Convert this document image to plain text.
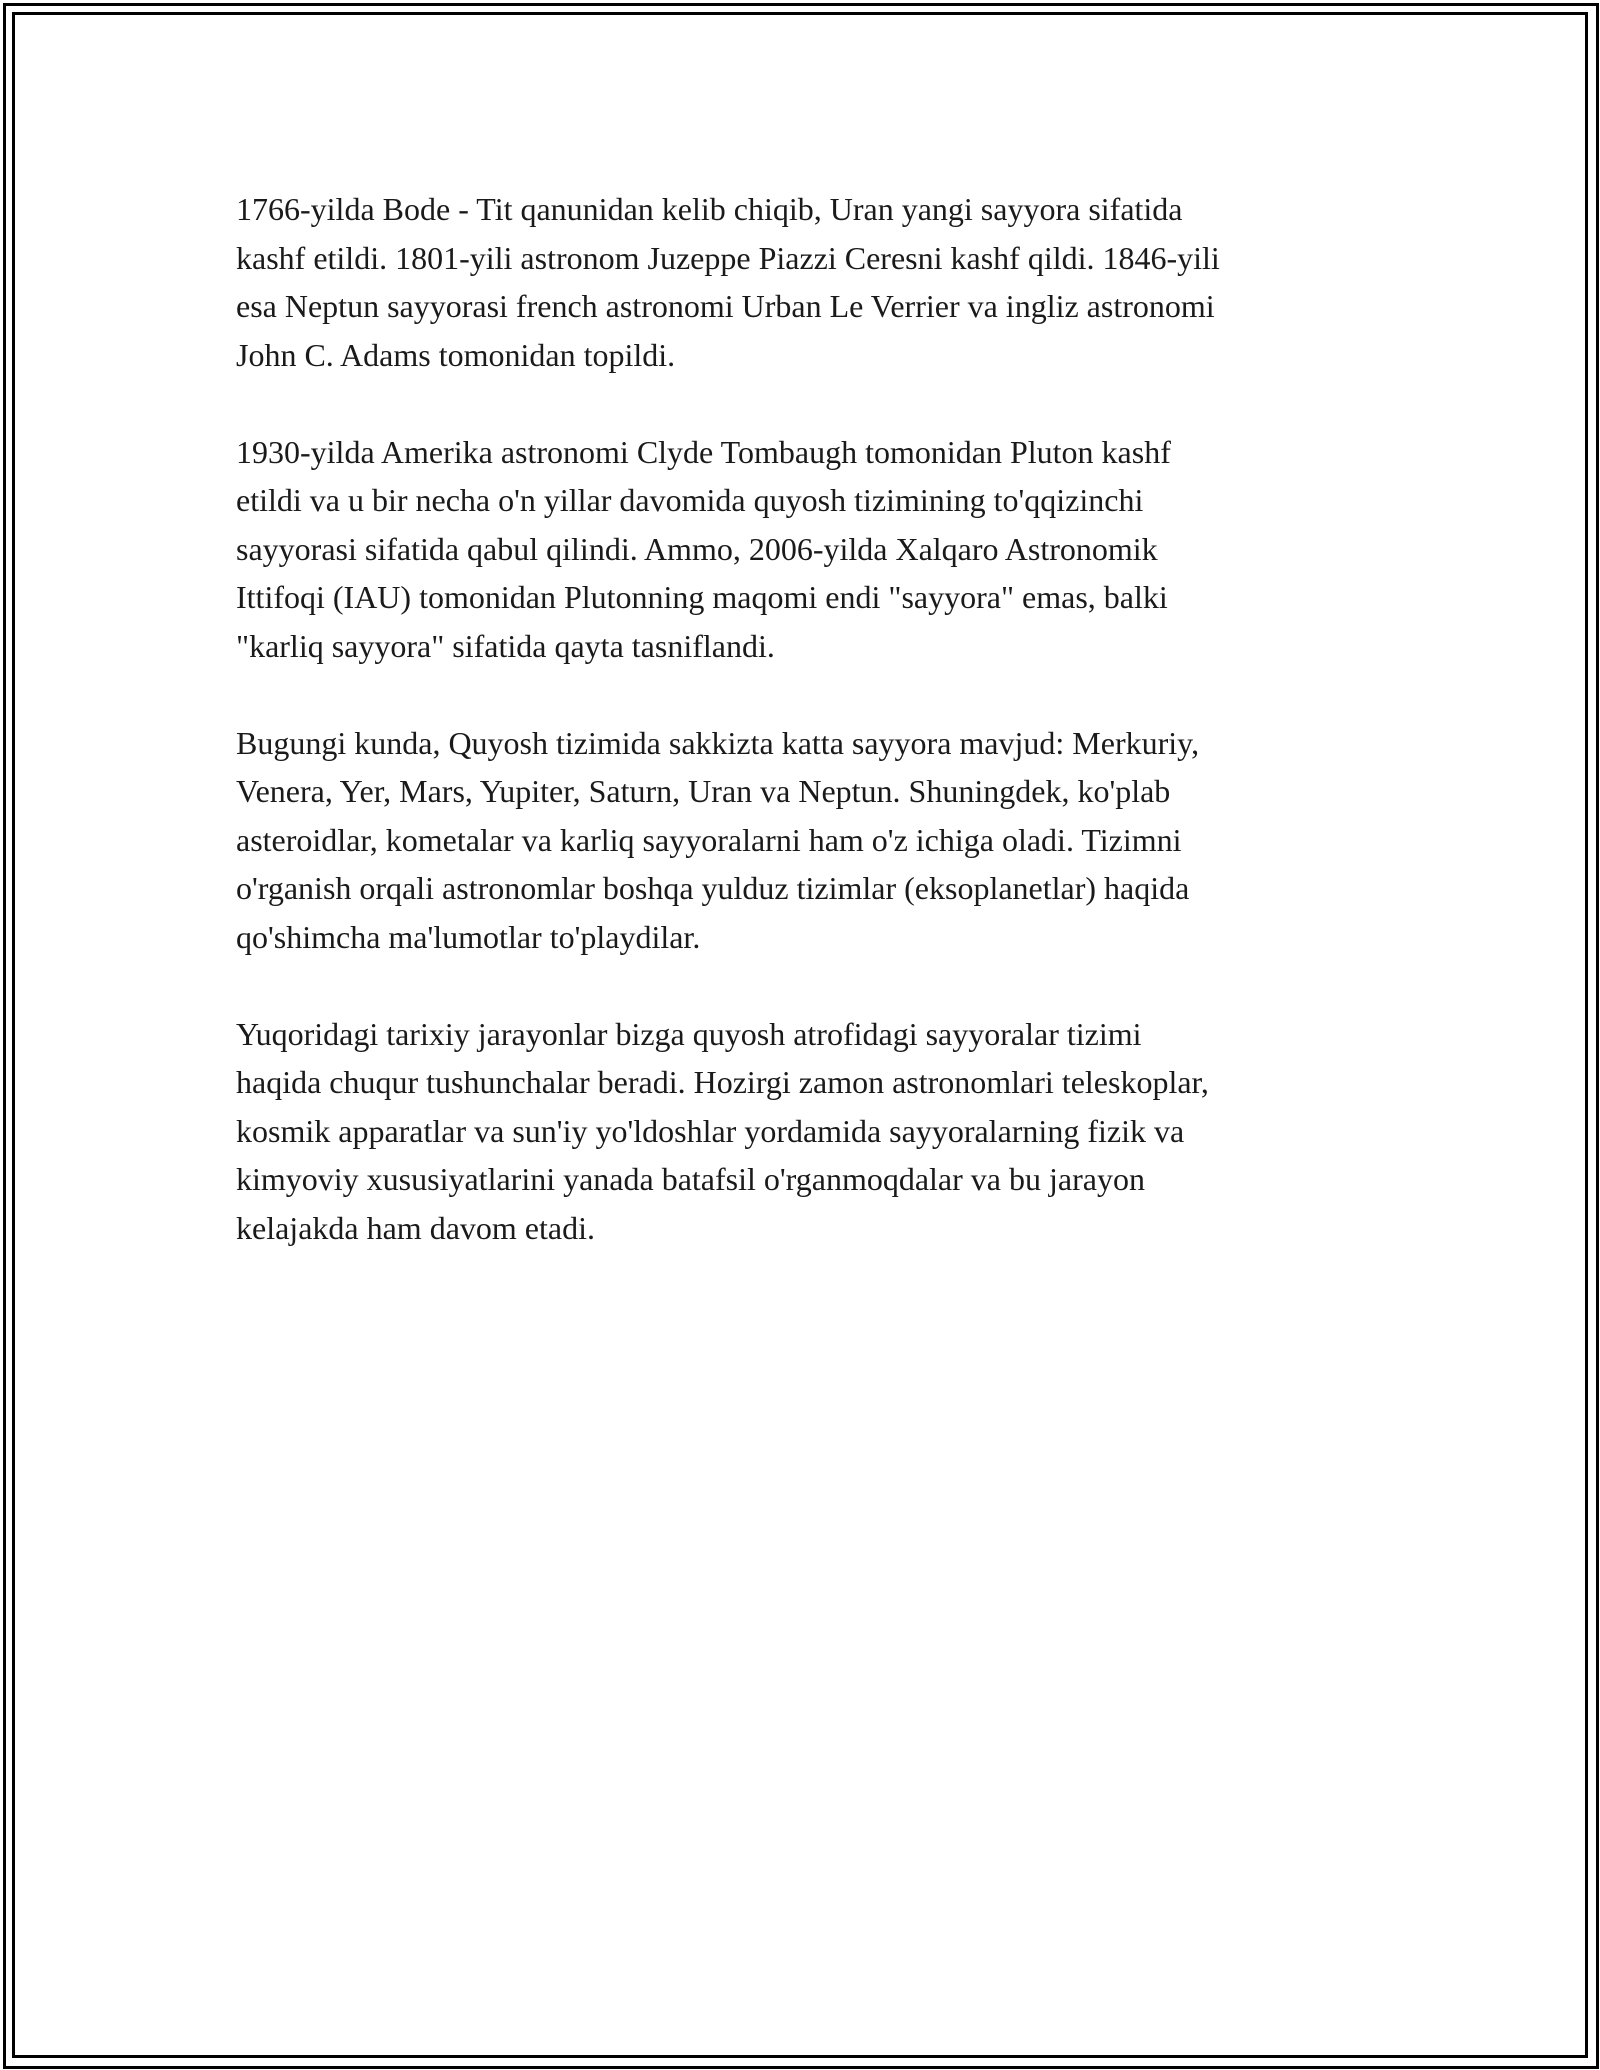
1766-yilda Bode - Tit qanunidan kelib chiqib, Uran yangi sayyora sifatida
kashf etildi. 1801-yili astronom Juzeppe Piazzi Ceresni kashf qildi. 1846-yili
esa Neptun sayyorasi french astronomi Urban Le Verrier va ingliz astronomi
John C. Adams tomonidan topildi.

1930-yilda Amerika astronomi Clyde Tombaugh tomonidan Pluton kashf
etildi va u bir necha o'n yillar davomida quyosh tizimining to'qqizinchi
sayyorasi sifatida qabul qilindi. Ammo, 2006-yilda Xalqaro Astronomik
Ittifoqi (IAU) tomonidan Plutonning maqomi endi "sayyora" emas, balki
"karliq sayyora" sifatida qayta tasniflandi.

Bugungi kunda, Quyosh tizimida sakkizta katta sayyora mavjud: Merkuriy,
Venera, Yer, Mars, Yupiter, Saturn, Uran va Neptun. Shuningdek, ko'plab
asteroidlar, kometalar va karliq sayyoralarni ham o'z ichiga oladi. Tizimni
o'rganish orqali astronomlar boshqa yulduz tizimlar (eksoplanetlar) haqida
qo'shimcha ma'lumotlar to'playdilar.

Yuqoridagi tarixiy jarayonlar bizga quyosh atrofidagi sayyoralar tizimi
haqida chuqur tushunchalar beradi. Hozirgi zamon astronomlari teleskoplar,
kosmik apparatlar va sun'iy yo'ldoshlar yordamida sayyoralarning fizik va
kimyoviy xususiyatlarini yanada batafsil o'rganmoqdalar va bu jarayon
kelajakda ham davom etadi.
